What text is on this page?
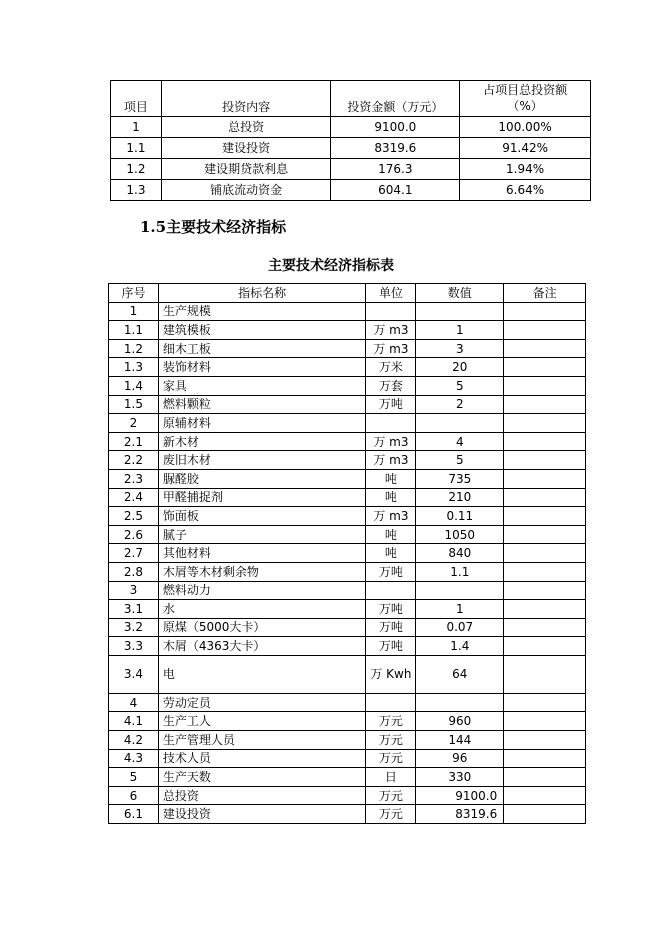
项目	投资内容	投资金额（万元）	占项目总投资额
（%）

1	总投资	9100.0	100.00%
1.1	建设投资	8319.6	91.42%
1.2	建设期贷款利息	176.3	1.94%
1.3	铺底流动资金	604.1	6.64%
1.5主要技术经济指标
主要技术经济指标表
序号	指标名称	单位	数值	备注
1	生产规模			
1.1	建筑模板	万 m3	1	
1.2	细木工板	万 m3	3	
1.3	装饰材料	万米	20	
1.4	家具	万套	5	
1.5	燃料颗粒	万吨	2	
2	原辅材料			
2.1	新木材	万 m3	4	
2.2	废旧木材	万 m3	5	
2.3	脲醛胶	吨	735	
2.4	甲醛捕捉剂	吨	210	
2.5	饰面板	万 m3	0.11	
2.6	腻子	吨	1050	
2.7	其他材料	吨	840	
2.8	木屑等木材剩余物	万吨	1.1	
3	燃料动力			
3.1	水	万吨	1	
3.2	原煤（5000大卡）	万吨	0.07	
3.3	木屑（4363大卡）	万吨	1.4	
3.4	电	万 Kwh	64	
4	劳动定员			
4.1	生产工人	万元	960	
4.2	生产管理人员	万元	144	
4.3	技术人员	万元	96	
5	生产天数	日	330	
6	总投资	万元	9100.0	
6.1	建设投资	万元	8319.6	
